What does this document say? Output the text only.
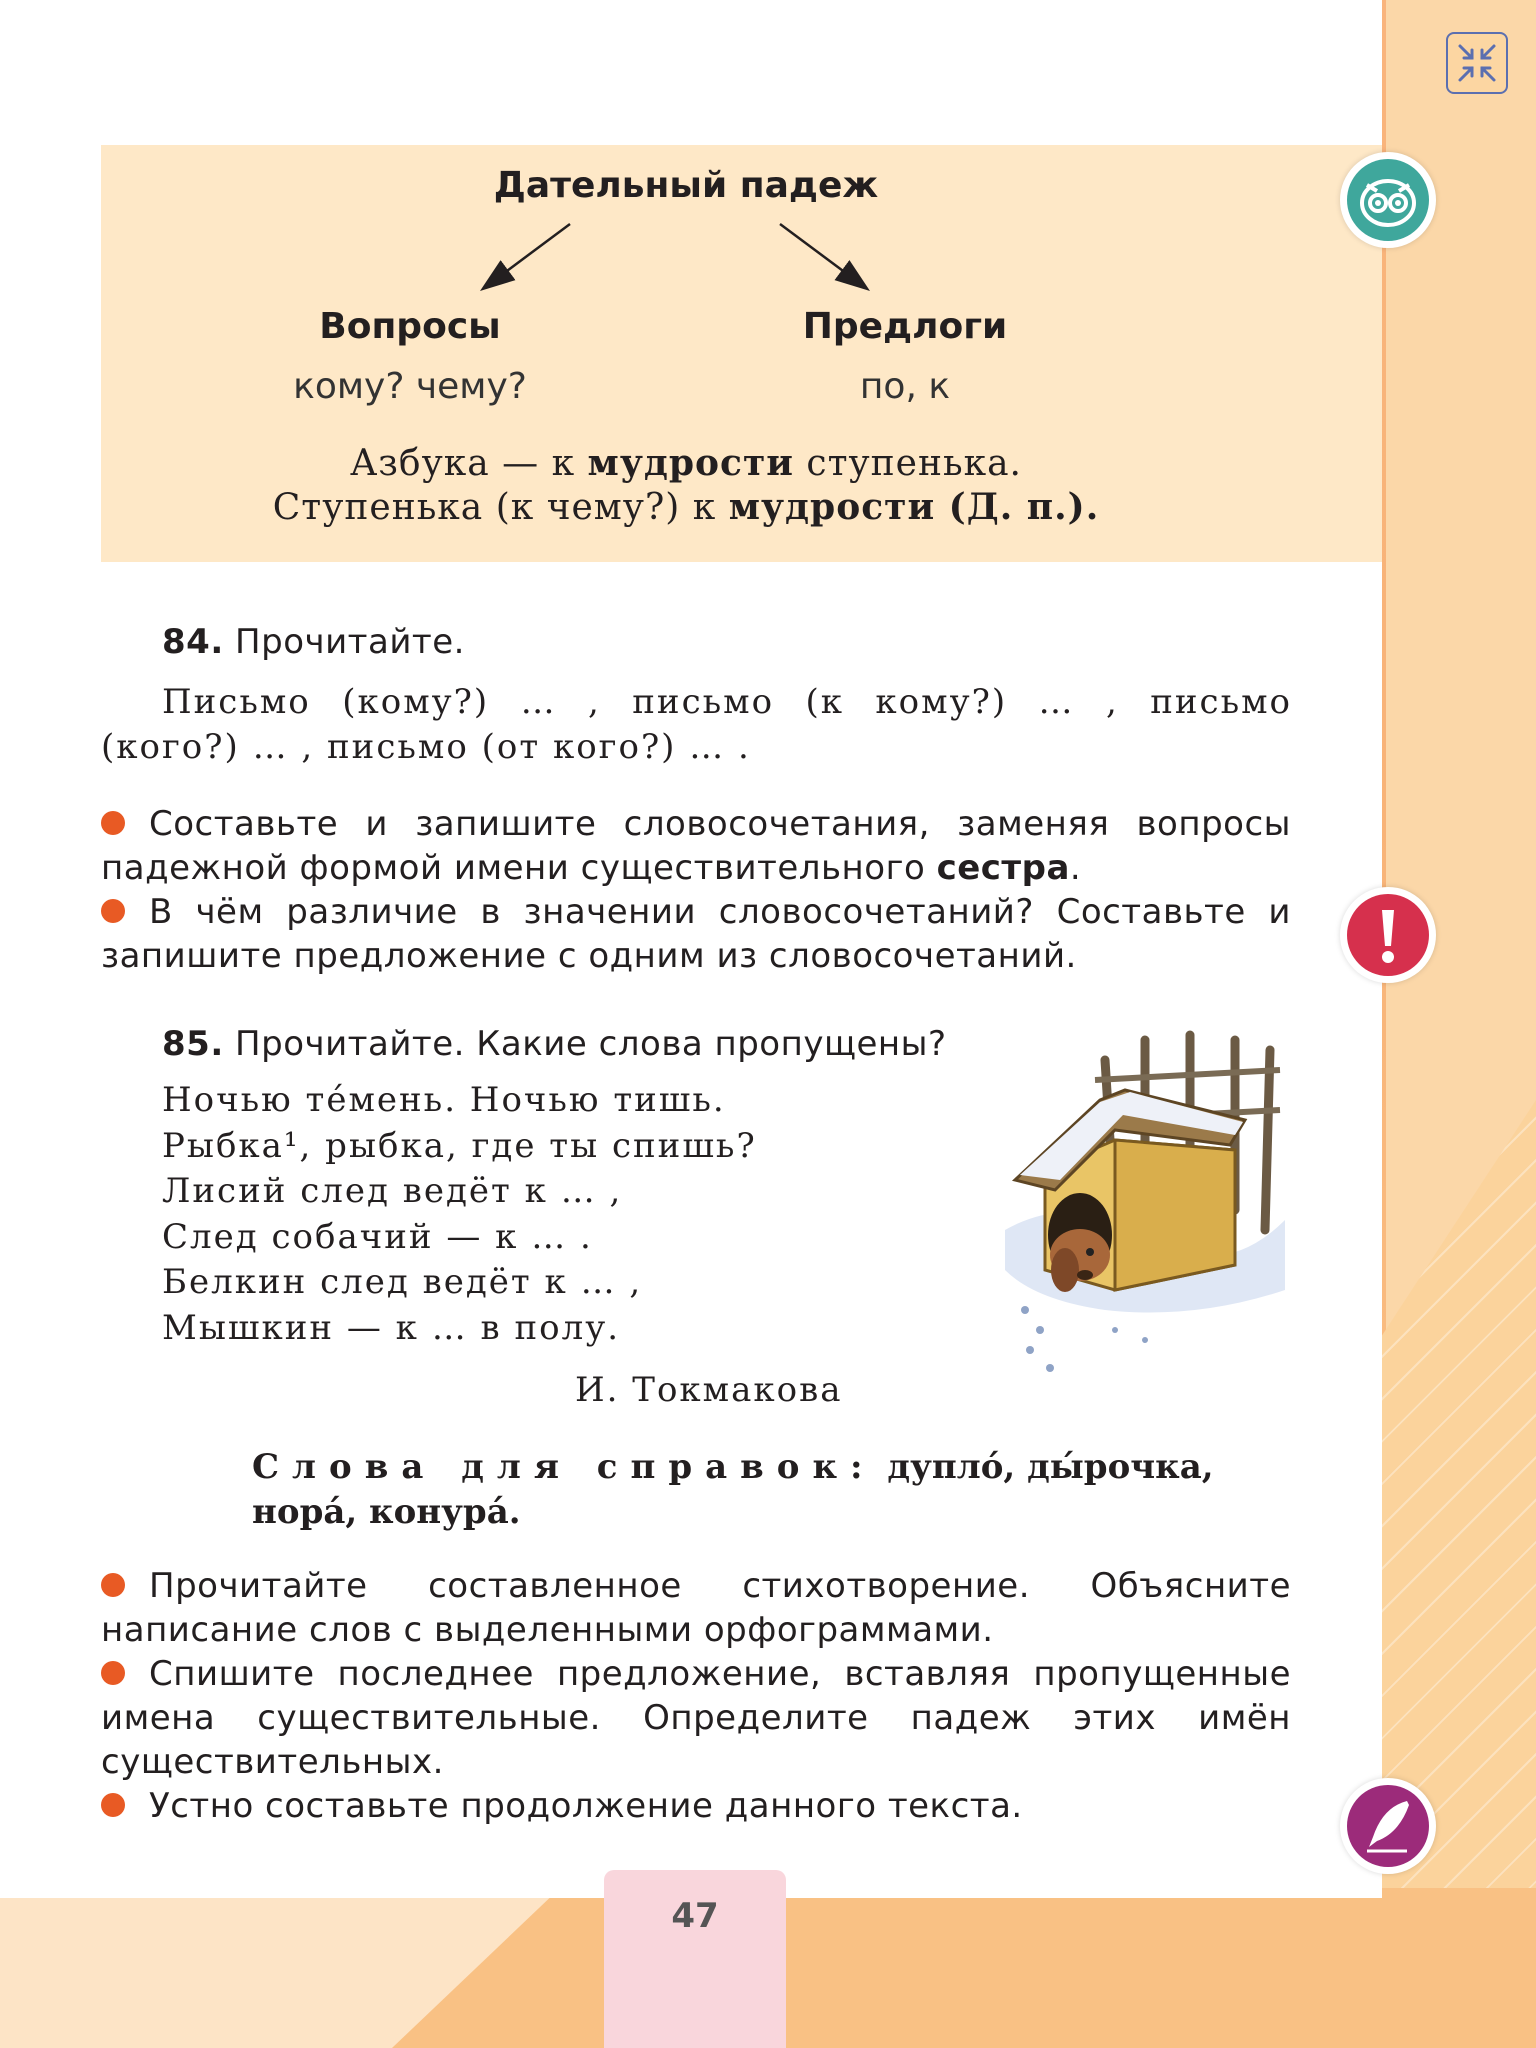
Дательный падеж
Вопросы
кому? чему?
Предлоги
по, к
Азбука — к мудрости ступенька.
Ступенька (к чему?) к мудрости (Д. п.).
84. Прочитайте.
Письмо (кому?) … , письмо (к кому?) … , письмо
(кого?) … , письмо (от кого?) … .
Составьте и запишите словосочетания, заменяя вопросы падежной формой имени существительного сестра.
В чём различие в значении словосочетаний? Составьте и запишите предложение с одним из словосочетаний.
85. Прочитайте. Какие слова пропущены?
Ночью те́мень. Ночью тишь.
Рыбка¹, рыбка, где ты спишь?
Лисий след ведёт к … ,
След собачий — к … .
Белкин след ведёт к … ,
Мышкин — к … в полу.
И. Токмакова
Слова для справок: дупло́, ды́рочка, нора́, конура́.
Прочитайте составленное стихотворение. Объясните написание слов с выделенными орфограммами.
Спишите последнее предложение, вставляя пропущенные имена существительные. Определите падеж этих имён существительных.
Устно составьте продолжение данного текста.
47
